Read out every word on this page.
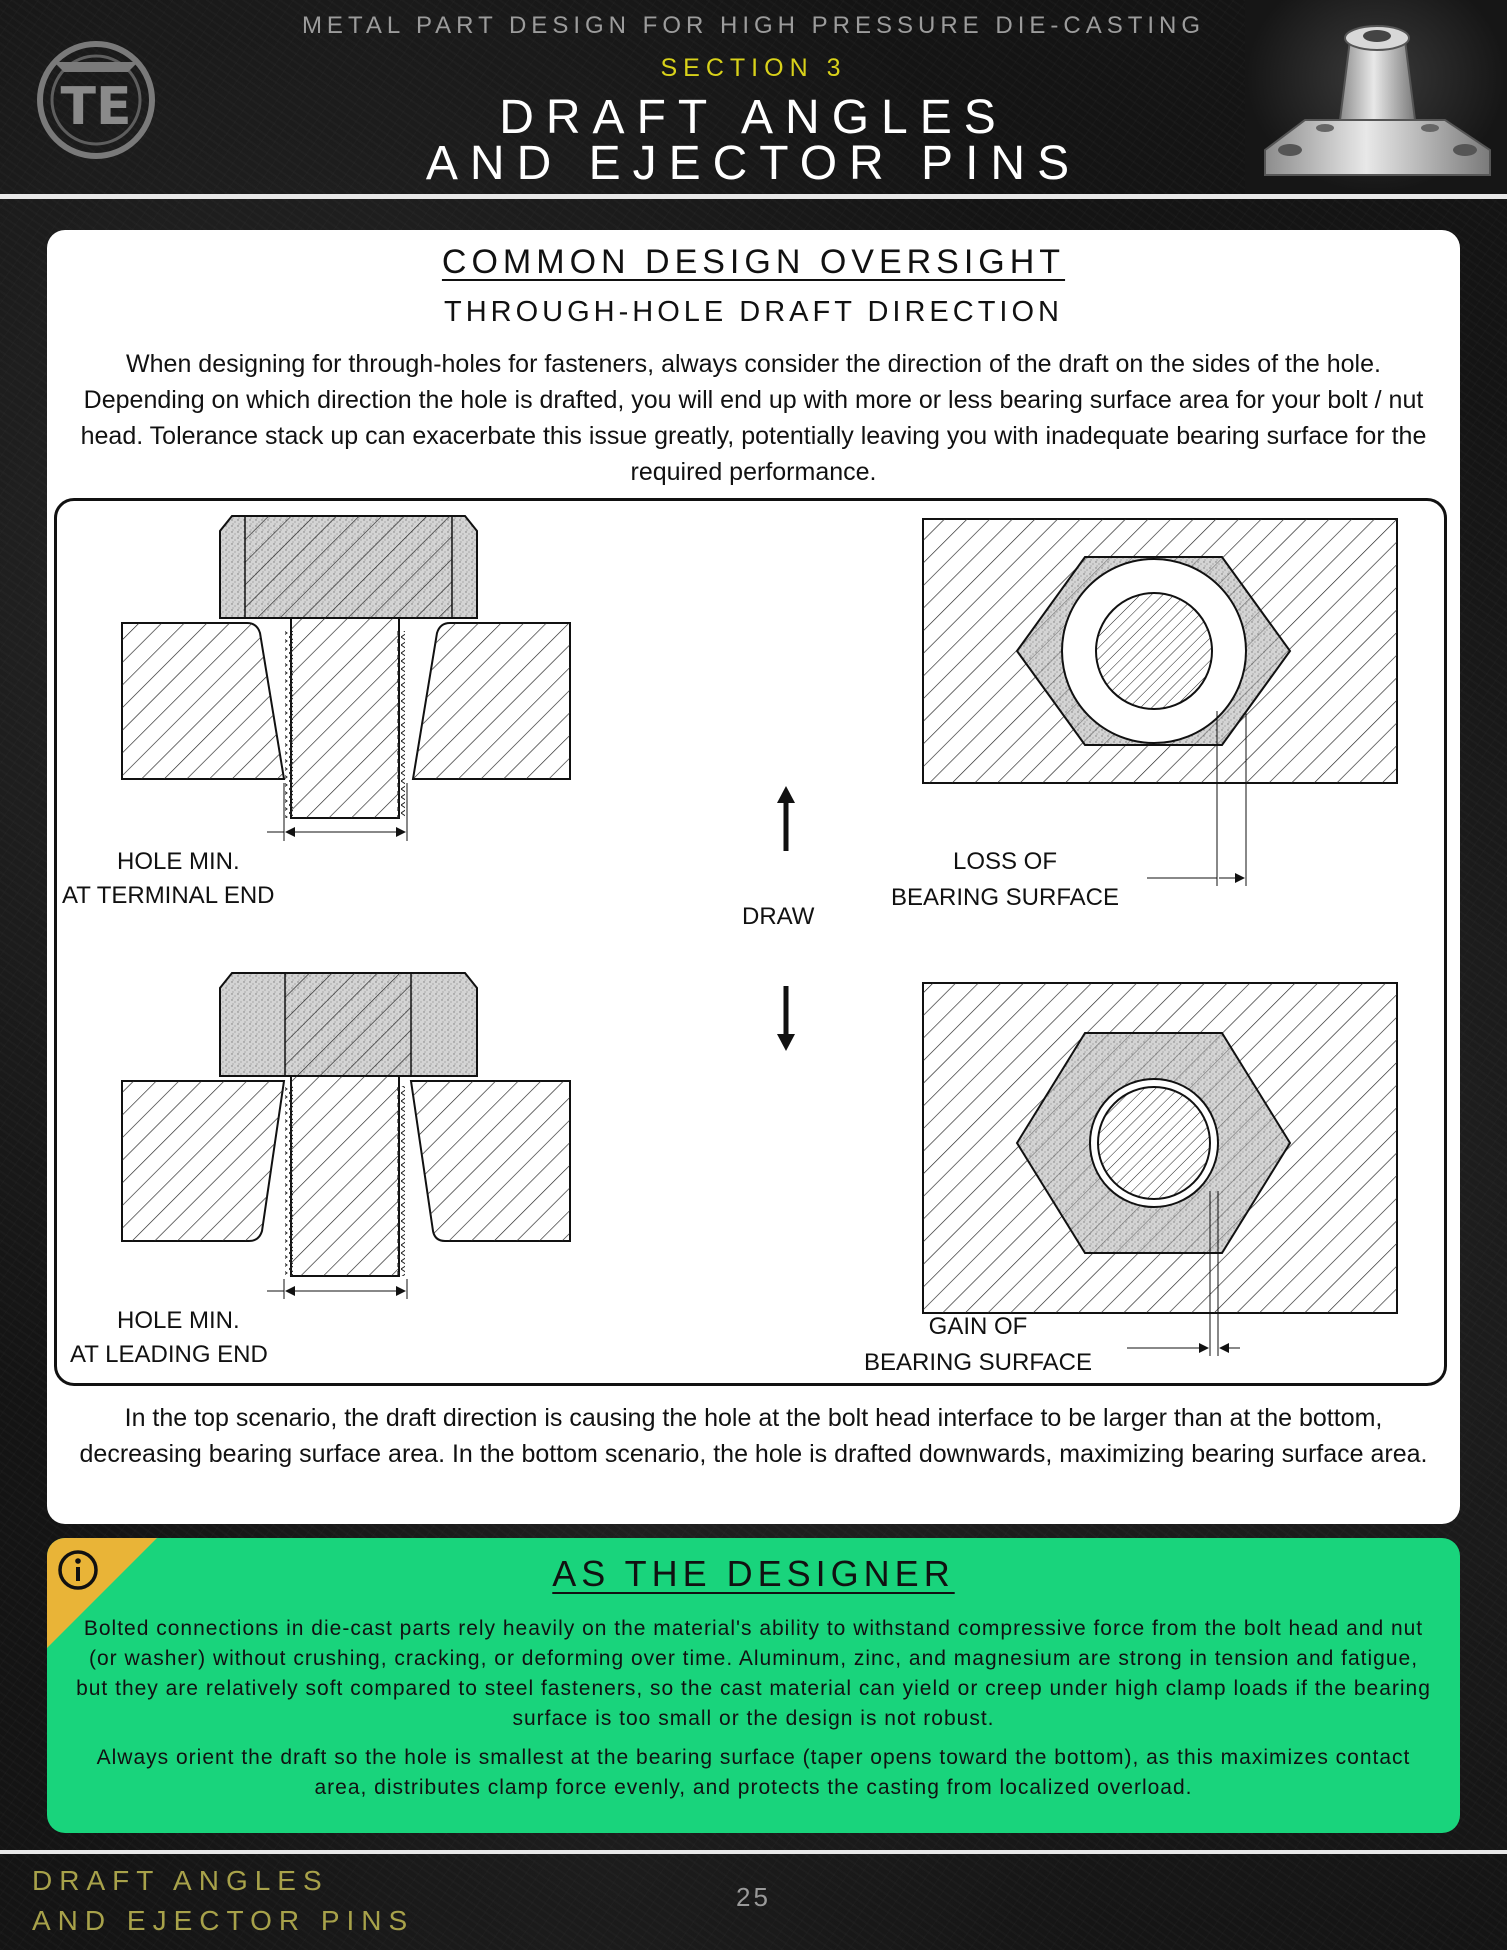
TE
METAL PART DESIGN FOR HIGH PRESSURE DIE-CASTING
SECTION 3
DRAFT ANGLES
AND EJECTOR PINS
COMMON DESIGN OVERSIGHT
THROUGH-HOLE DRAFT DIRECTION
When designing for through-holes for fasteners, always consider the direction of the draft on the sides of the hole. Depending on which direction the hole is drafted, you will end up with more or less bearing surface area for your bolt / nut head. Tolerance stack up can exacerbate this issue greatly, potentially leaving you with inadequate bearing surface for the required performance.
HOLE MIN.
AT TERMINAL END
HOLE MIN.
AT LEADING END
DRAW
LOSS OF
BEARING SURFACE
GAIN OF
BEARING SURFACE
In the top scenario, the draft direction is causing the hole at the bolt head interface to be larger than at the bottom, decreasing bearing surface area. In the bottom scenario, the hole is drafted downwards, maximizing bearing surface area.
AS THE DESIGNER
Bolted connections in die-cast parts rely heavily on the material's ability to withstand compressive force from the bolt head and nut (or washer) without crushing, cracking, or deforming over time. Aluminum, zinc, and magnesium are strong in tension and fatigue, but they are relatively soft compared to steel fasteners, so the cast material can yield or creep under high clamp loads if the bearing surface is too small or the design is not robust.
Always orient the draft so the hole is smallest at the bearing surface (taper opens toward the bottom), as this maximizes contact area, distributes clamp force evenly, and protects the casting from localized overload.
DRAFT ANGLES
AND EJECTOR PINS
25
